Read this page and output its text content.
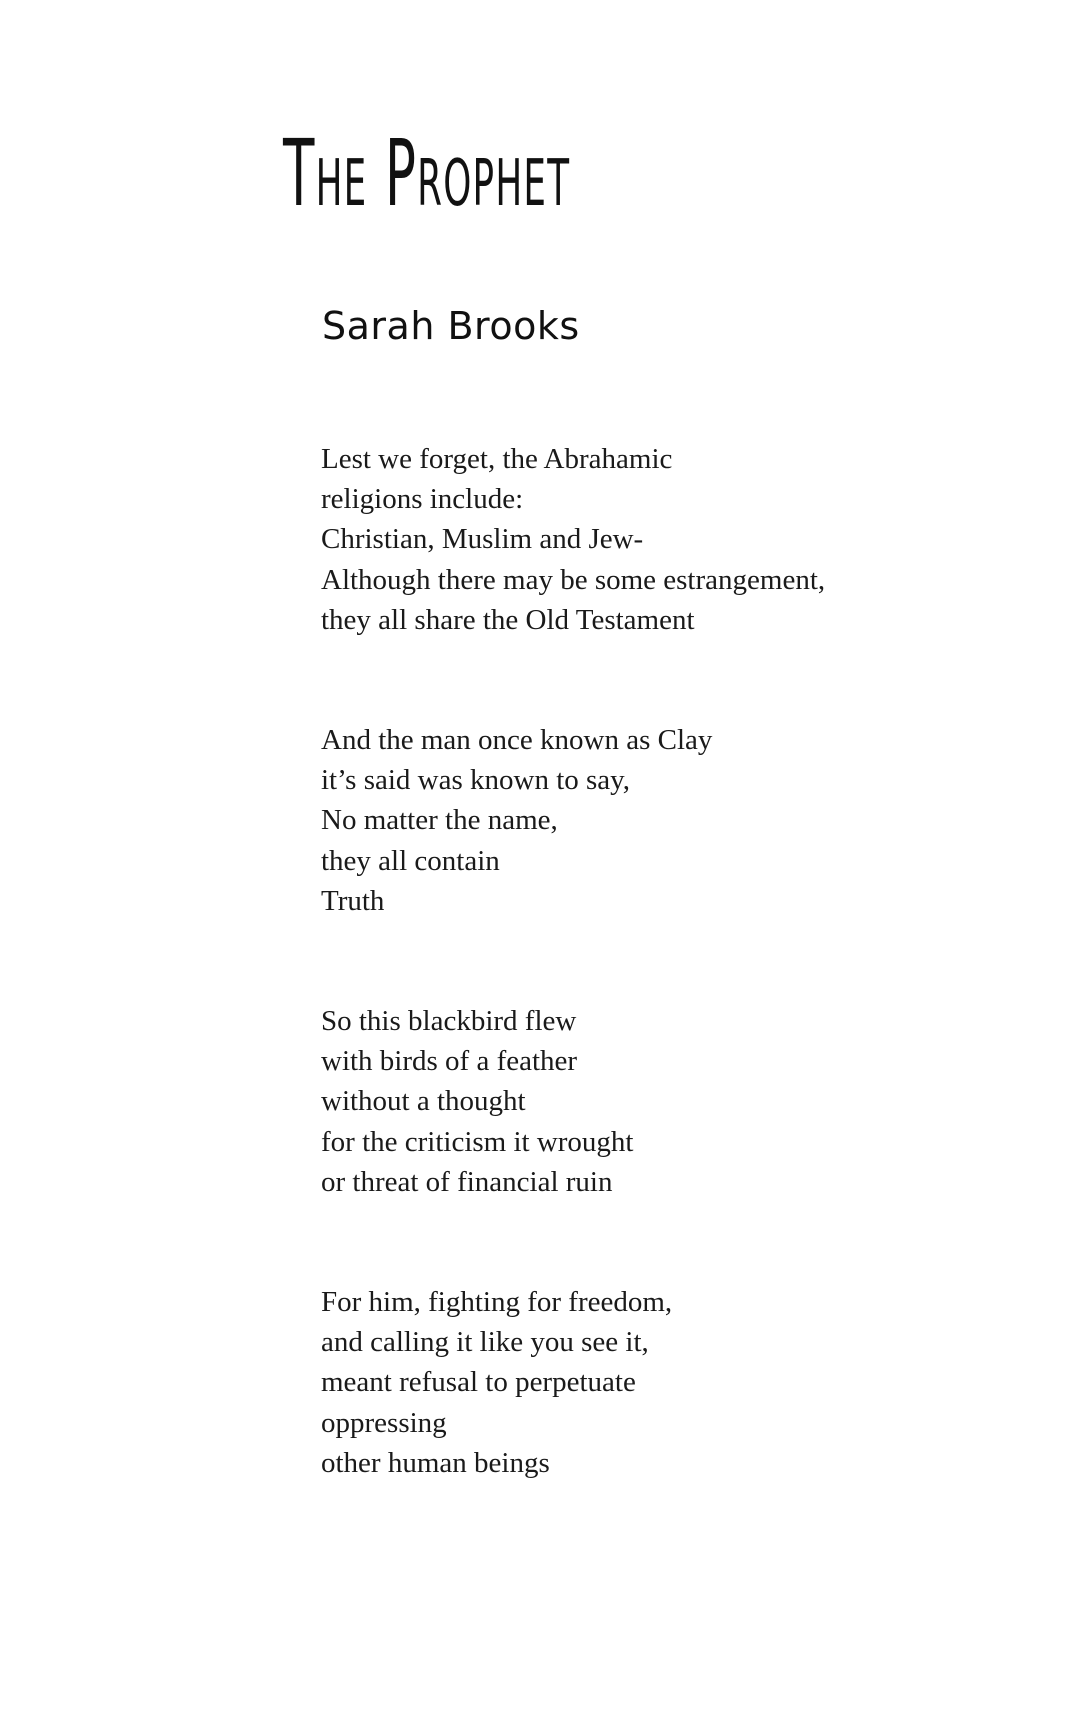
The Prophet
Sarah Brooks
Lest we forget, the Abrahamic
religions include:
Christian, Muslim and Jew-
Although there may be some estrangement,
they all share the Old Testament
And the man once known as Clay
it’s said was known to say,
No matter the name,
they all contain
Truth
So this blackbird flew
with birds of a feather
without a thought
for the criticism it wrought
or threat of financial ruin
For him, fighting for freedom,
and calling it like you see it,
meant refusal to perpetuate
oppressing
other human beings
